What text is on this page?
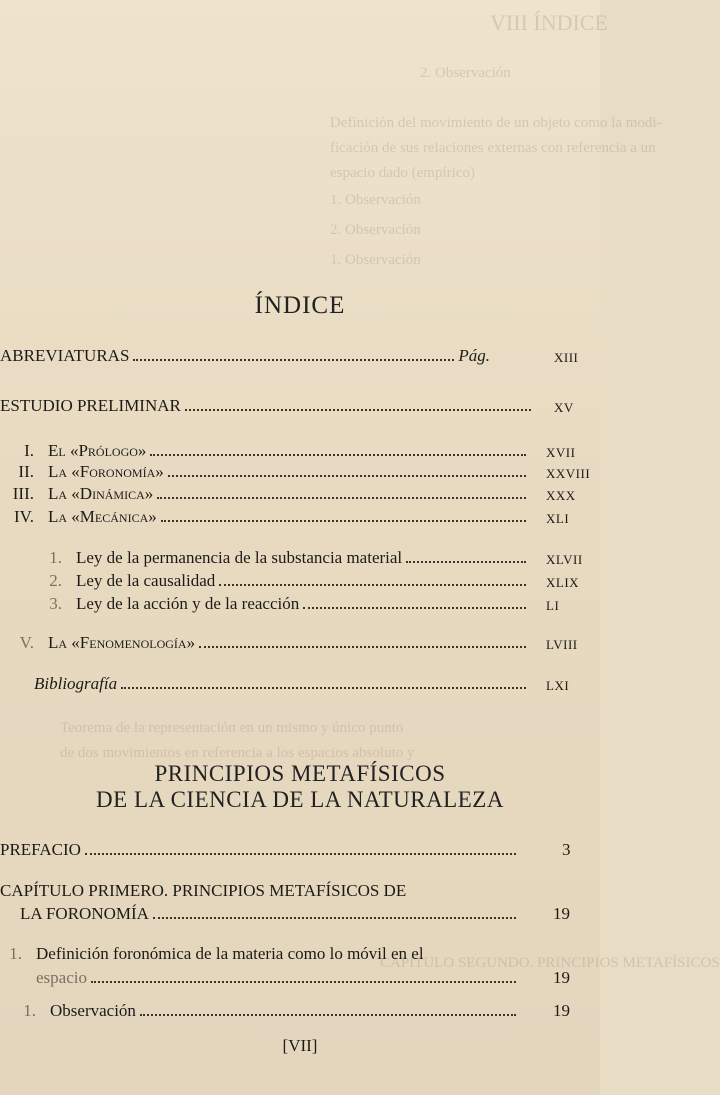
VIII ÍNDICE
2. Observación
Definición del movimiento de un objeto como la modi-
ficación de sus relaciones externas con referencia a un
espacio dado (empírico)
1. Observación
2. Observación
1. Observación
Teorema de la representación en un mismo y único punto
de dos movimientos en referencia a los espacios absoluto y
CAPÍTULO SEGUNDO. PRINCIPIOS METAFÍSICOS
ÍNDICE
ABREVIATURAS	Pág.	XIII
ESTUDIO PRELIMINAR	XV
I. El «Prólogo»	XVII
II. La «Foronomía»	XXVIII
III. La «Dinámica»	XXX
IV. La «Mecánica»	XLI
1. Ley de la permanencia de la substancia material	XLVII
2. Ley de la causalidad	XLIX
3. Ley de la acción y de la reacción	LI
V. La «Fenomenología»	LVIII
Bibliografía	LXI
PRINCIPIOS METAFÍSICOS
DE LA CIENCIA DE LA NATURALEZA
PREFACIO	3
CAPÍTULO PRIMERO. PRINCIPIOS METAFÍSICOS DE
LA FORONOMÍA	19
1. Definición foronómica de la materia como lo móvil en el
espacio	19
1. Observación	19
[VII]
